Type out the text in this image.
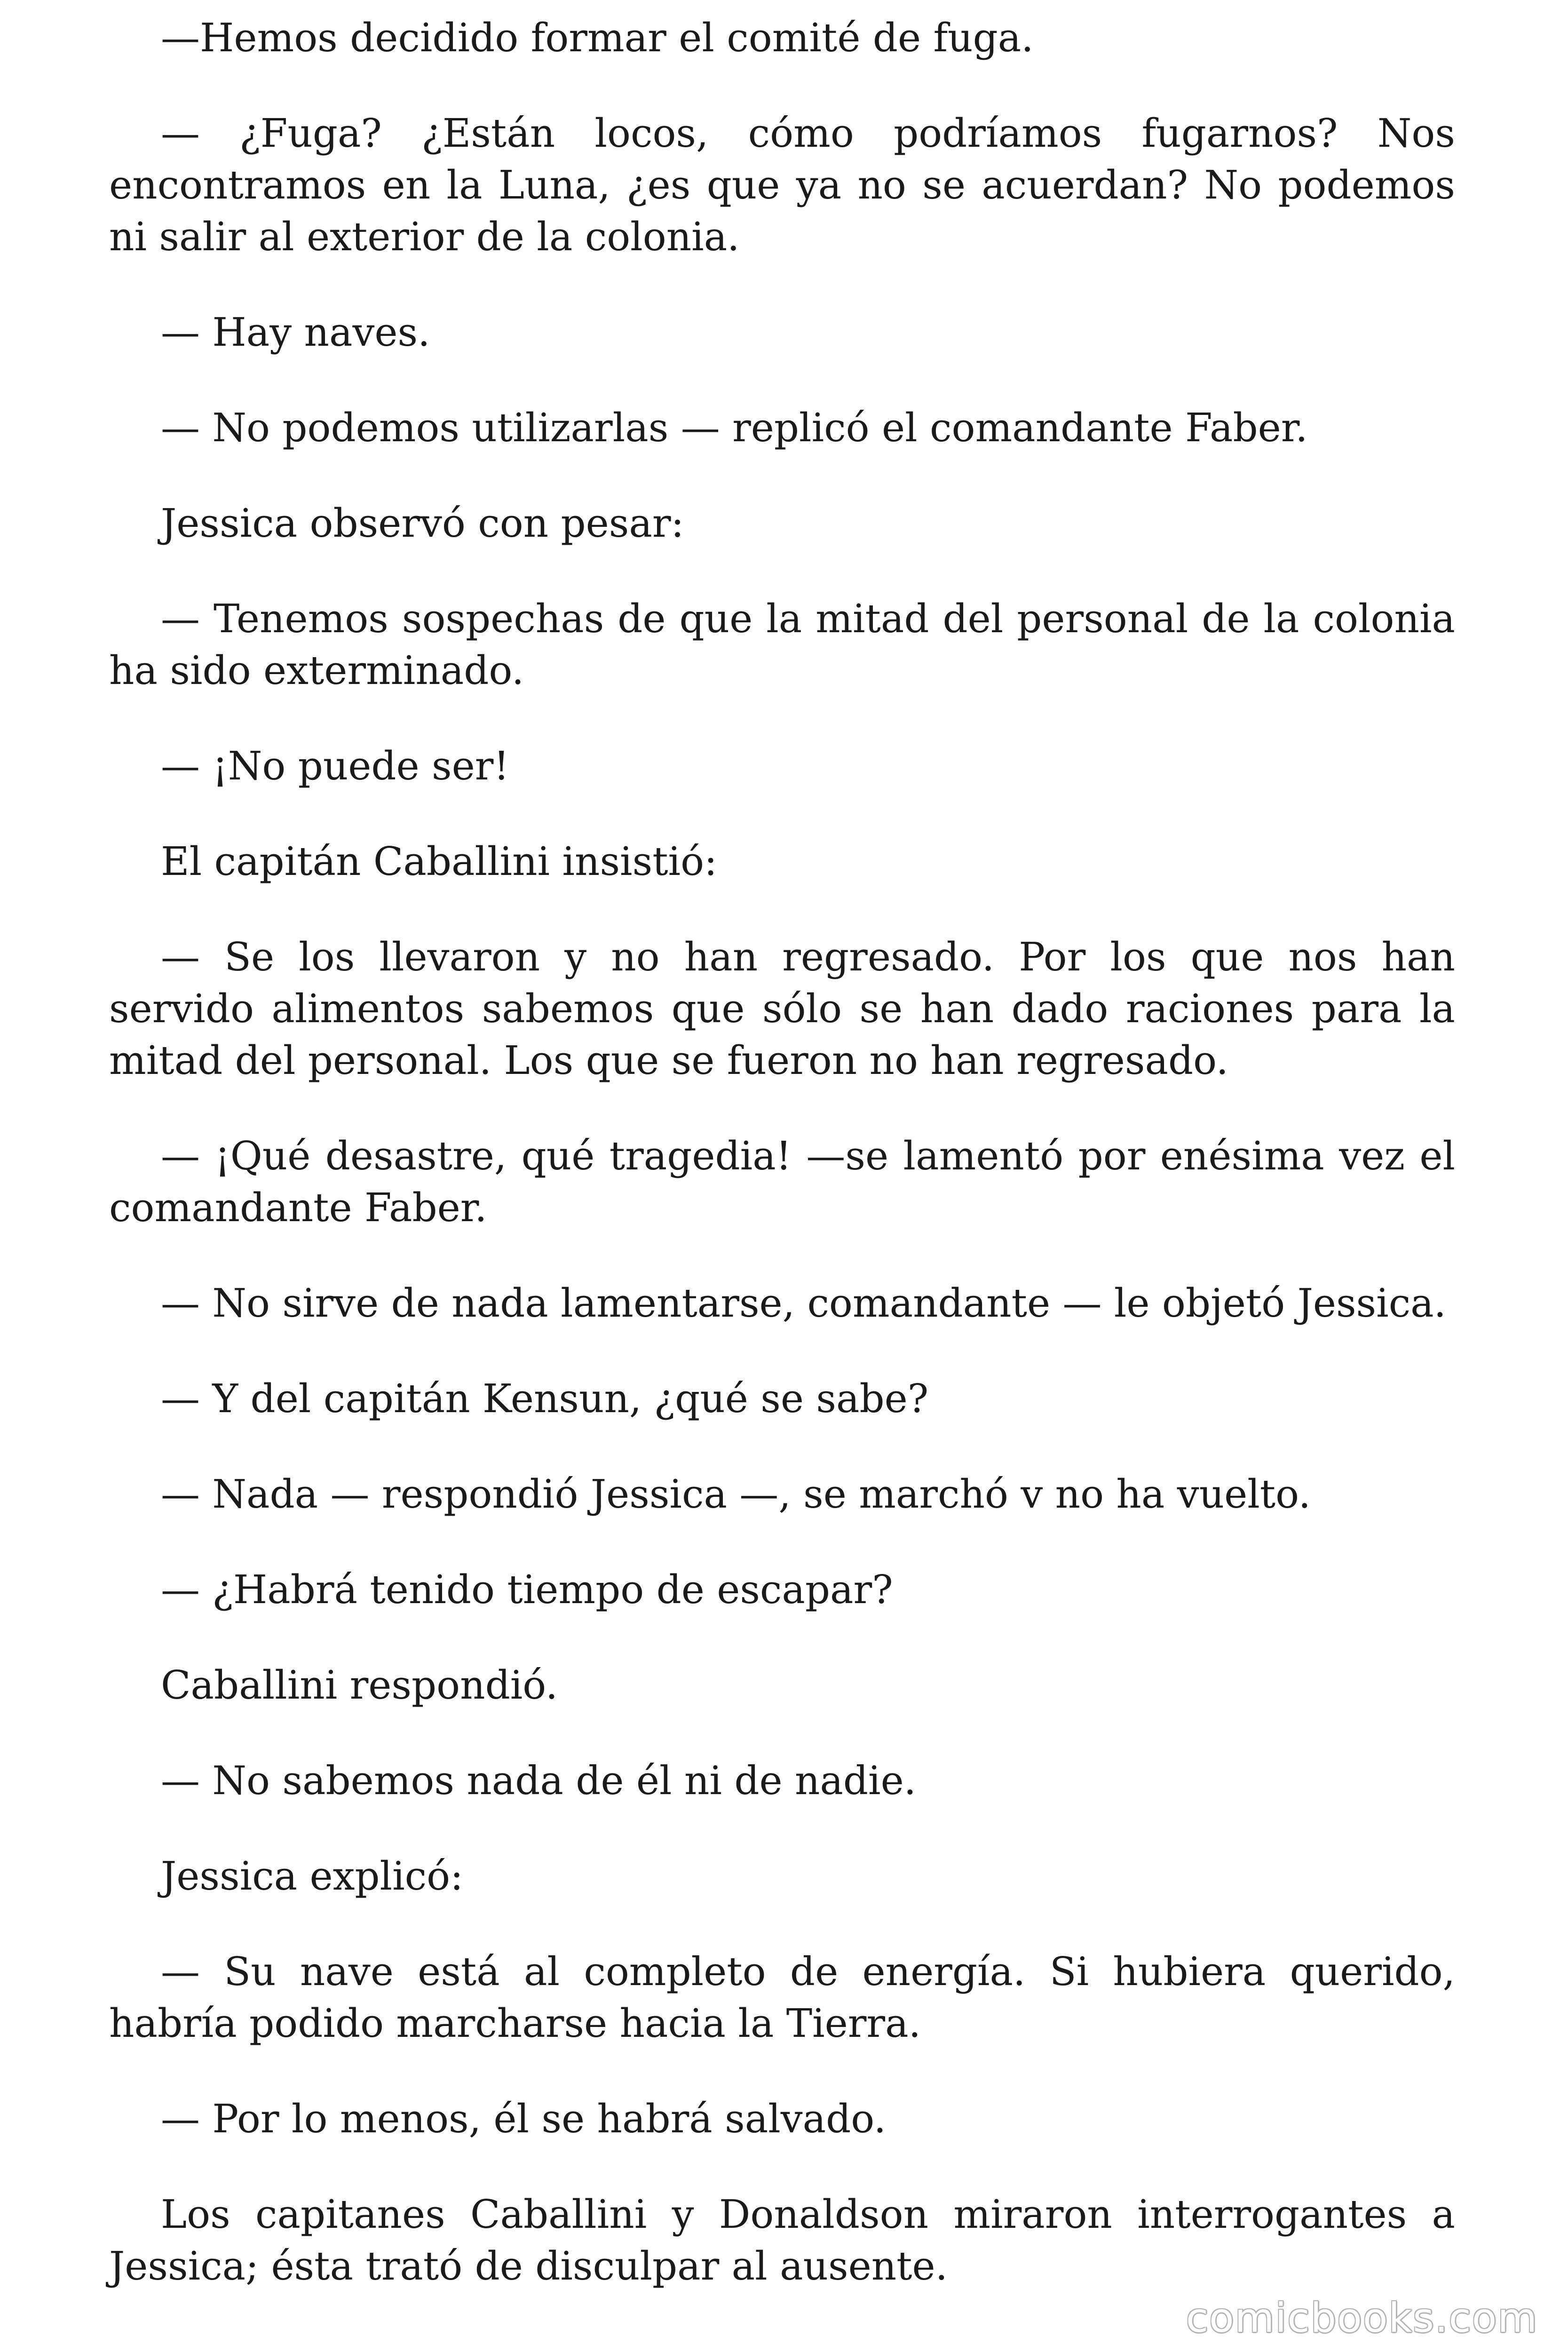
—Hemos decidido formar el comité de fuga.

— ¿Fuga? ¿Están locos, cómo podríamos fugarnos? Nos encontramos en la Luna, ¿es que ya no se acuerdan? No podemos ni salir al exterior de la colonia.

— Hay naves.

— No podemos utilizarlas — replicó el comandante Faber.

Jessica observó con pesar:

— Tenemos sospechas de que la mitad del personal de la colonia ha sido exterminado.

— ¡No puede ser!

El capitán Caballini insistió:

— Se los llevaron y no han regresado. Por los que nos han servido alimentos sabemos que sólo se han dado raciones para la mitad del personal. Los que se fueron no han regresado.

— ¡Qué desastre, qué tragedia! —se lamentó por enésima vez el comandante Faber.

— No sirve de nada lamentarse, comandante — le objetó Jessica.

— Y del capitán Kensun, ¿qué se sabe?

— Nada — respondió Jessica —, se marchó v no ha vuelto.

— ¿Habrá tenido tiempo de escapar?

Caballini respondió.

— No sabemos nada de él ni de nadie.

Jessica explicó:

— Su nave está al completo de energía. Si hubiera querido, habría podido marcharse hacia la Tierra.

— Por lo menos, él se habrá salvado.

Los capitanes Caballini y Donaldson miraron interrogantes a Jessica; ésta trató de disculpar al ausente.

comicbooks.com
